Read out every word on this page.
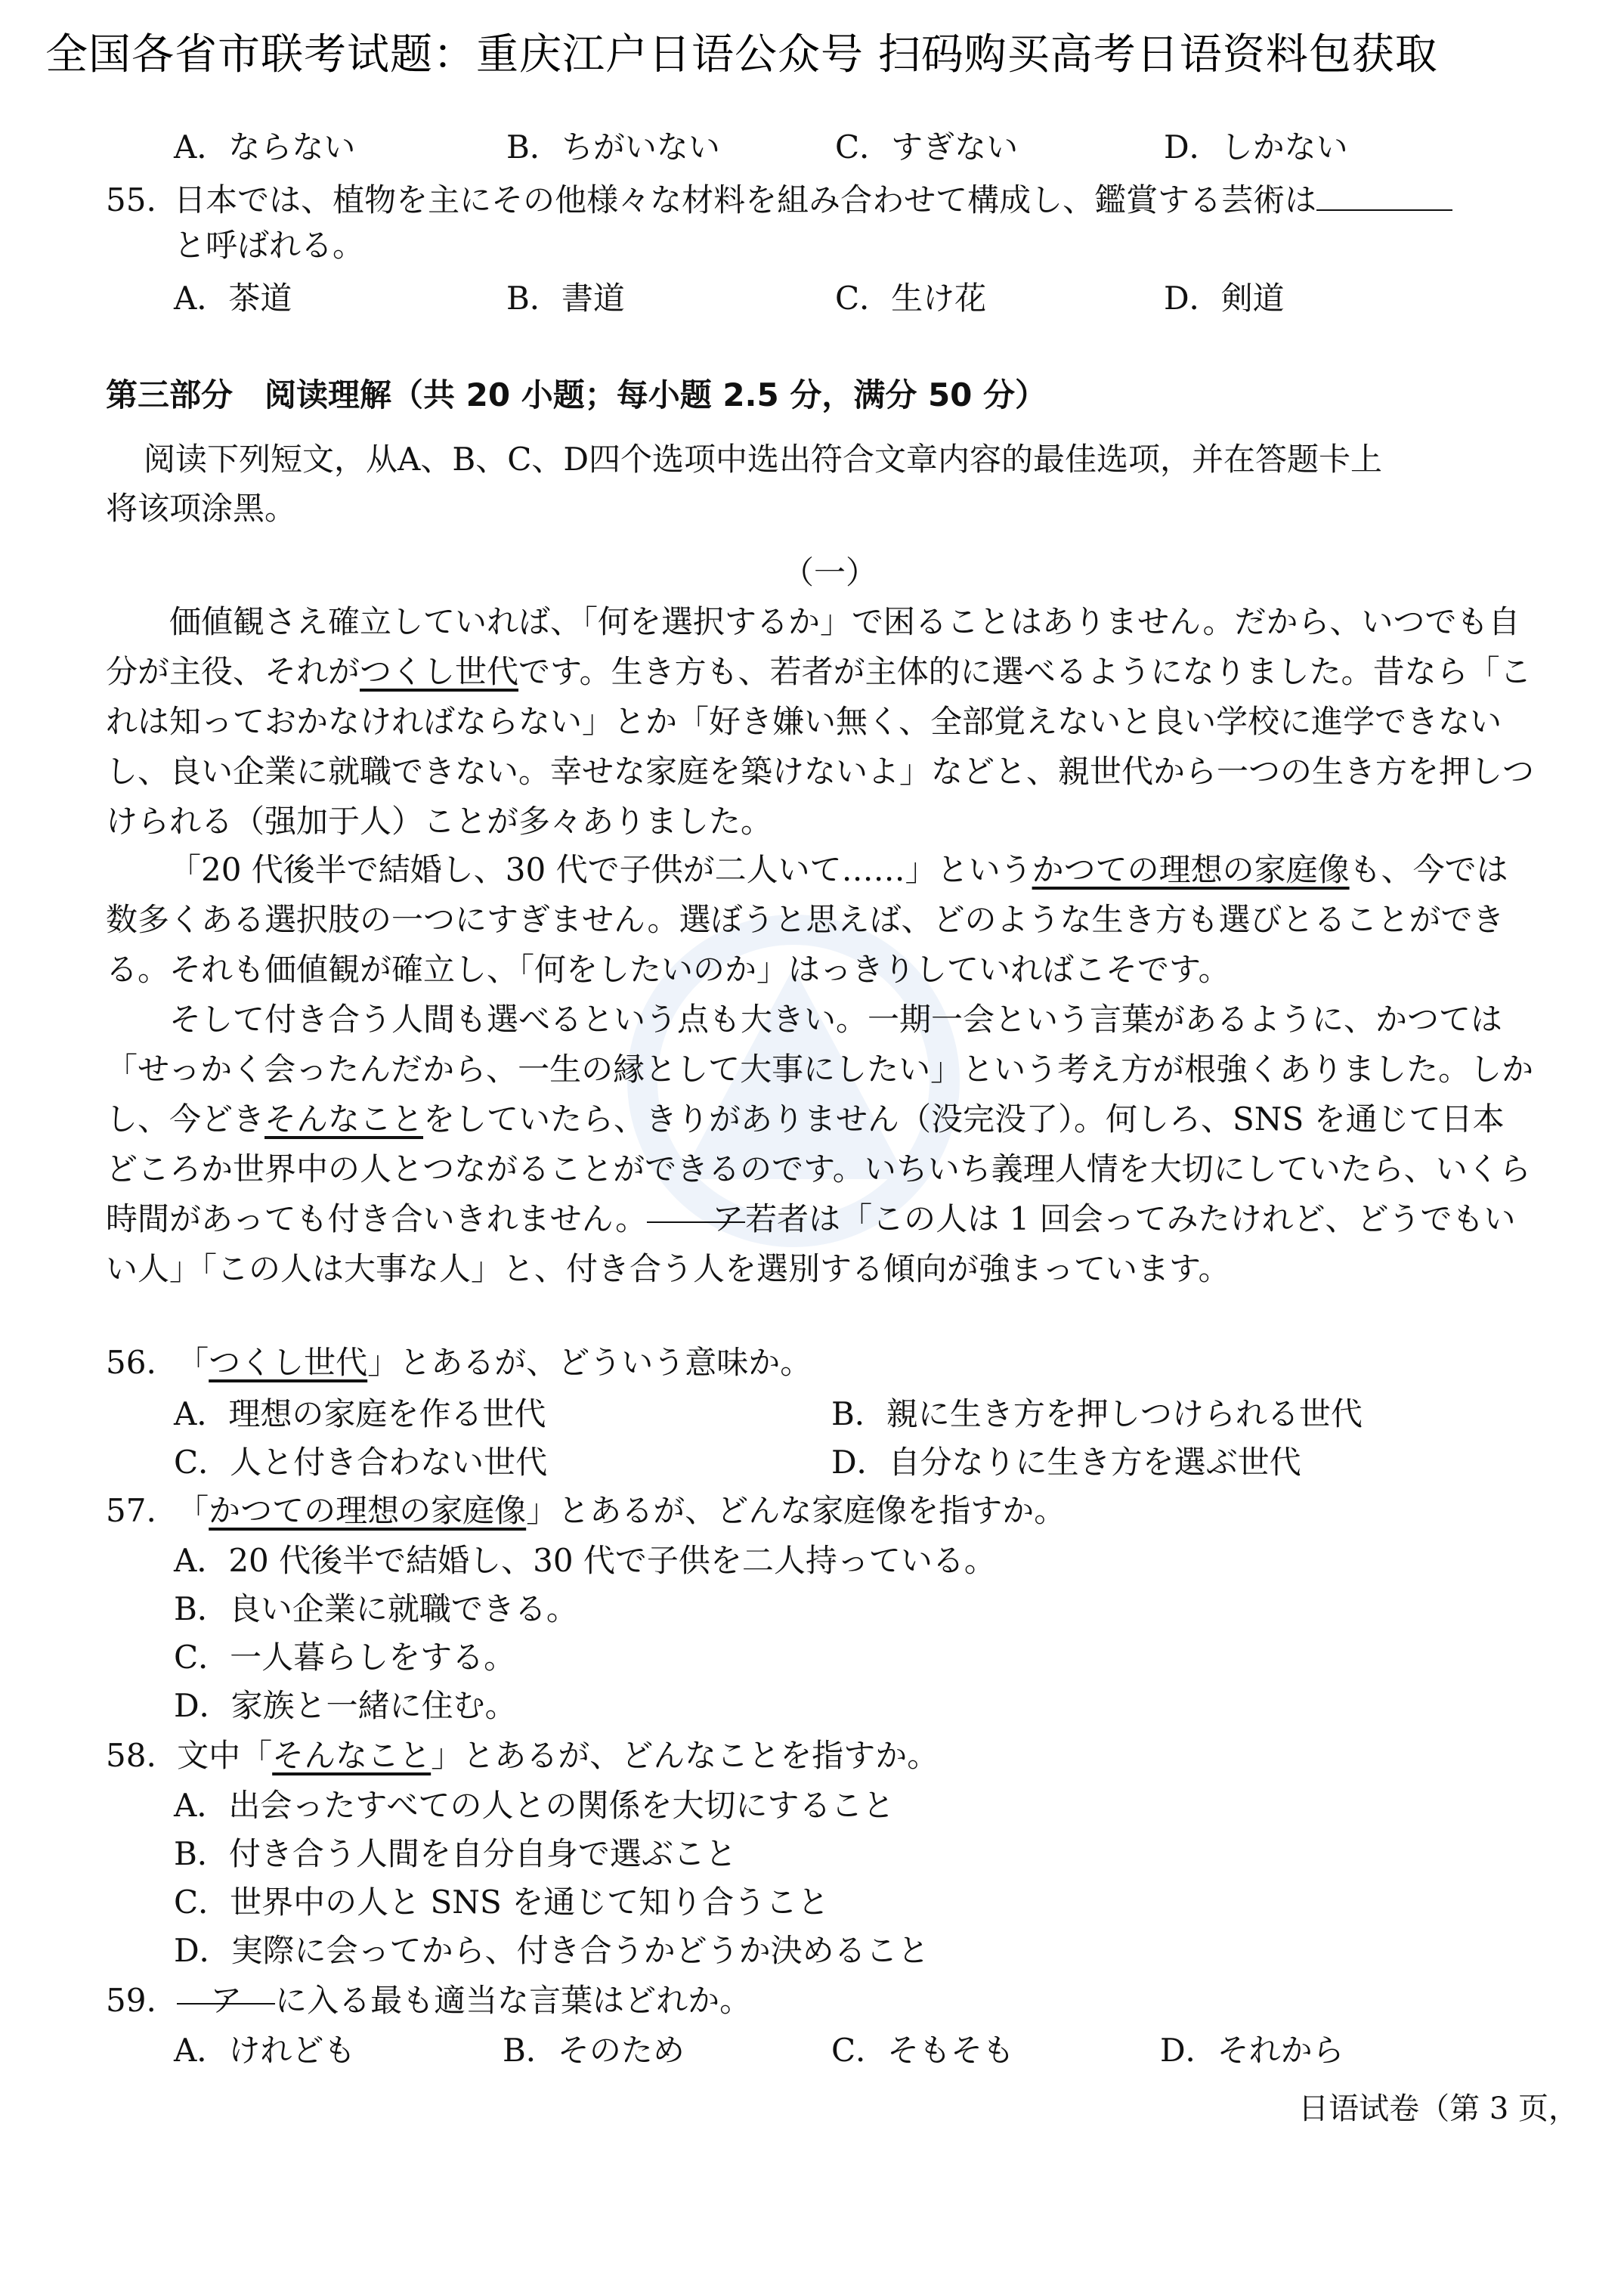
全国各省市联考试题：重庆江户日语公众号 扫码购买高考日语资料包获取
A．ならない	B．ちがいない	C．すぎない	D．しかない
55. 日本では、植物を主にその他様々な材料を組み合わせて構成し、鑑賞する芸術は
と呼ばれる。
A．茶道	B．書道	C．生け花	D．剣道
第三部分　阅读理解（共 20 小题；每小题 2.5 分，满分 50 分）
阅读下列短文，从A、B、C、D四个选项中选出符合文章内容的最佳选项，并在答题卡上
将该项涂黑。
（一）

価値観さえ確立していれば、「何を選択するか」で困ることはありません。だから、いつでも自分が主役、それがつくし世代です。生き方も、若者が主体的に選べるようになりました。昔なら「これは知っておかなければならない」とか「好き嫌い無く、全部覚えないと良い学校に進学できないし、良い企業に就職できない。幸せな家庭を築けないよ」などと、親世代から一つの生き方を押しつけられる（强加于人）ことが多々ありました。

「20 代後半で結婚し、30 代で子供が二人いて……」というかつての理想の家庭像も、今では数多くある選択肢の一つにすぎません。選ぼうと思えば、どのような生き方も選びとることができる。それも価値観が確立し、「何をしたいのか」はっきりしていればこそです。

そして付き合う人間も選べるという点も大きい。一期一会という言葉があるように、かつては「せっかく会ったんだから、一生の縁として大事にしたい」という考え方が根強くありました。しかし、今どきそんなことをしていたら、きりがありません（没完没了）。何しろ、SNS を通じて日本どころか世界中の人とつながることができるのです。いちいち義理人情を大切にしていたら、いくら時間があっても付き合いきれません。 ア若者は「この人は 1 回会ってみたけれど、どうでもいい人」「この人は大事な人」と、付き合う人を選別する傾向が強まっています。

56. 「つくし世代」とあるが、どういう意味か。
A．理想の家庭を作る世代	B．親に生き方を押しつけられる世代
C．人と付き合わない世代	D．自分なりに生き方を選ぶ世代
57. 「かつての理想の家庭像」とあるが、どんな家庭像を指すか。
A．20 代後半で結婚し、30 代で子供を二人持っている。
B．良い企業に就職できる。
C．一人暮らしをする。
D．家族と一緒に住む。
58. 文中「そんなこと」とあるが、どんなことを指すか。
A．出会ったすべての人との関係を大切にすること
B．付き合う人間を自分自身で選ぶこと
C．世界中の人と SNS を通じて知り合うこと
D．実際に会ってから、付き合うかどうか決めること
59. ア に入る最も適当な言葉はどれか。
A．けれども	B．そのため	C．そもそも	D．それから
日语试卷（第 3 页，
